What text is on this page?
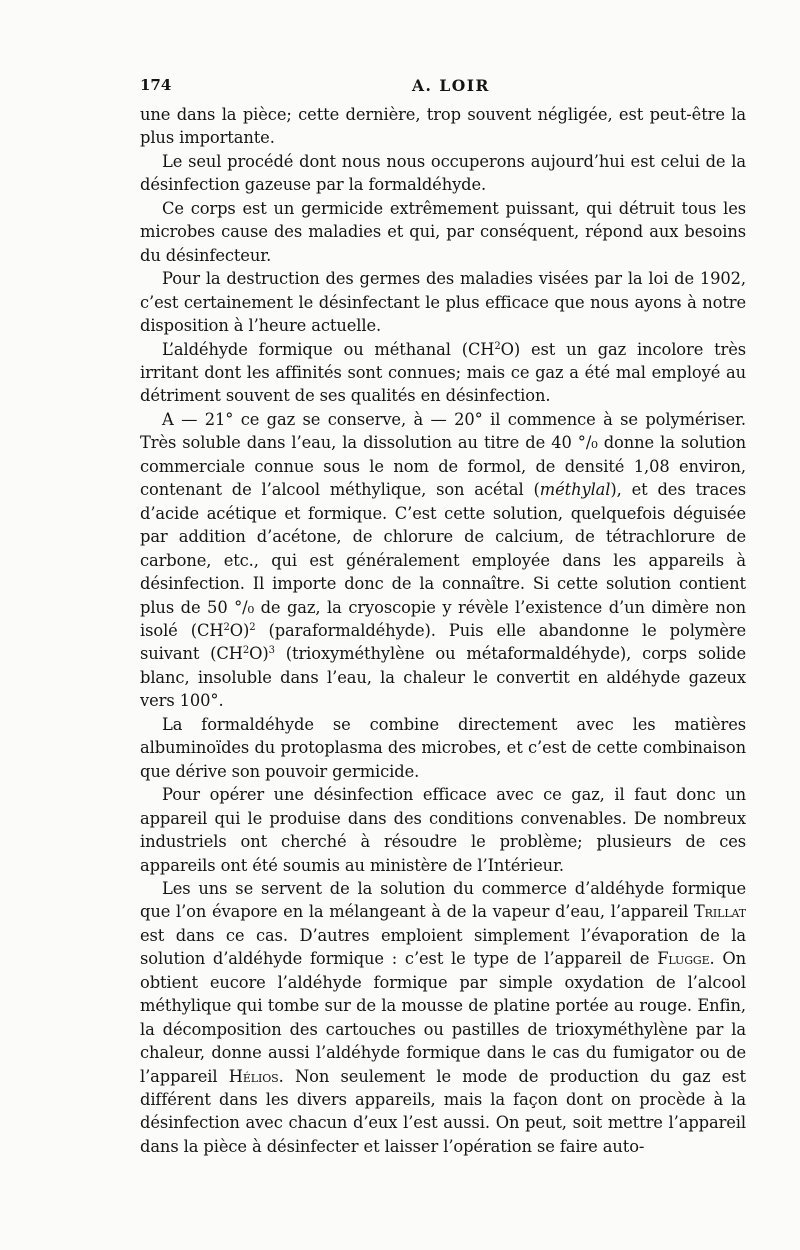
174	A. LOIR

une dans la pièce; cette dernière, trop souvent négligée, est peut-être la plus importante.

Le seul procédé dont nous nous occuperons aujourd’hui est celui de la désinfection gazeuse par la formaldéhyde.

Ce corps est un germicide extrêmement puissant, qui détruit tous les microbes cause des maladies et qui, par conséquent, répond aux besoins du désinfecteur.

Pour la destruction des germes des maladies visées par la loi de 1902, c’est certainement le désinfectant le plus efficace que nous ayons à notre disposition à l’heure actuelle.

L’aldéhyde formique ou méthanal $(CH^2O)$ est un gaz incolore très irritant dont les affinités sont connues; mais ce gaz a été mal employé au détriment souvent de ses qualités en désinfection.

A — 21° ce gaz se conserve, à — 20° il commence à se polymériser. Très soluble dans l’eau, la dissolution au titre de 40 °/₀ donne la solution commerciale connue sous le nom de formol, de densité 1,08 environ, contenant de l’alcool méthylique, son acétal (méthylal), et des traces d’acide acétique et formique. C’est cette solution, quelquefois déguisée par addition d’acétone, de chlorure de calcium, de tétrachlorure de carbone, etc., qui est généralement employée dans les appareils à désinfection. Il importe donc de la connaître. Si cette solution contient plus de 50 °/₀ de gaz, la cryoscopie y révèle l’existence d’un dimère non isolé $(CH^2O)^2$ (paraformaldéhyde). Puis elle abandonne le polymère suivant $(CH^2O)^3$ (trioxyméthylène ou métaformaldéhyde), corps solide blanc, insoluble dans l’eau, la chaleur le convertit en aldéhyde gazeux vers 100°.

La formaldéhyde se combine directement avec les matières albuminoïdes du protoplasma des microbes, et c’est de cette combinaison que dérive son pouvoir germicide.

Pour opérer une désinfection efficace avec ce gaz, il faut donc un appareil qui le produise dans des conditions convenables. De nombreux industriels ont cherché à résoudre le problème; plusieurs de ces appareils ont été soumis au ministère de l’Intérieur.

Les uns se servent de la solution du commerce d’aldéhyde formique que l’on évapore en la mélangeant à de la vapeur d’eau, l’appareil Trillat est dans ce cas. D’autres emploient simplement l’évaporation de la solution d’aldéhyde formique : c’est le type de l’appareil de Flugge. On obtient eucore l’aldéhyde formique par simple oxydation de l’alcool méthylique qui tombe sur de la mousse de platine portée au rouge. Enfin, la décomposition des cartouches ou pastilles de trioxyméthylène par la chaleur, donne aussi l’aldéhyde formique dans le cas du fumigator ou de l’appareil Hélios. Non seulement le mode de production du gaz est différent dans les divers appareils, mais la façon dont on procède à la désinfection avec chacun d’eux l’est aussi. On peut, soit mettre l’appareil dans la pièce à désinfecter et laisser l’opération se faire auto-
